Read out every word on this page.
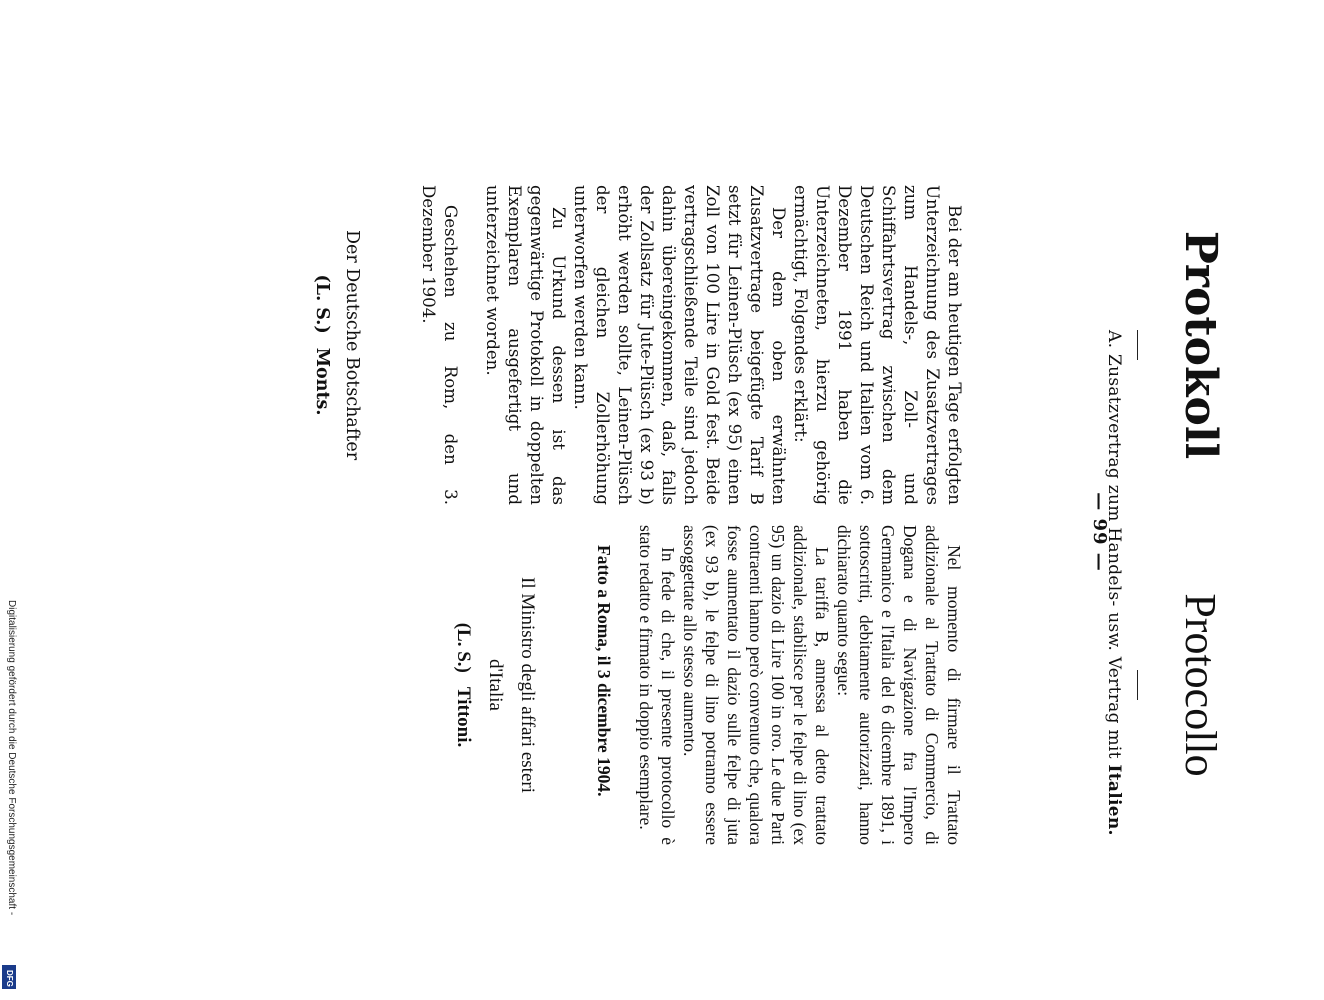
A. Zusatzvertrag zum Handels- usw. Vertrag mit Italien.
— 99 —
Protokoll

Bei der am heutigen Tage erfolgten Unterzeichnung des Zusatzvertrages zum Handels-, Zoll- und Schiffahrtsvertrag zwischen dem Deutschen Reich und Italien vom 6. Dezember 1891 haben die Unterzeichneten, hierzu gehörig ermächtigt, Folgendes erklärt:

Der dem oben erwähnten Zusatzvertrage beigefügte Tarif B setzt für Leinen-Plüsch (ex 95) einen Zoll von 100 Lire in Gold fest. Beide vertragschließende Teile sind jedoch dahin übereingekommen, daß, falls der Zollsatz für Jute-Plüsch (ex 93 b) erhöht werden sollte, Leinen-Plüsch der gleichen Zollerhöhung unterworfen werden kann.

Zu Urkund dessen ist das gegenwärtige Protokoll in doppelten Exemplaren ausgefertigt und unterzeichnet worden.

Geschehen zu Rom, den 3. Dezember 1904.

Der Deutsche Botschafter
(L. S.)Monts.
Protocollo

Nel momento di firmare il Trattato addizionale al Trattato di Commercio, di Dogana e di Navigazione fra l'Impero Germanico e l'Italia del 6 dicembre 1891, i sottoscritti, debitamente autorizzati, hanno dichiarato quanto segue:

La tariffa B, annessa al detto trattato addizionale, stabilisce per le felpe di lino (ex 95) un dazio di Lire 100 in oro. Le due Parti contraenti hanno però convenuto che, qualora fosse aumentato il dazio sulle felpe di juta (ex 93 b), le felpe di lino potranno essere assoggettate allo stesso aumento.

In fede di che, il presente protocollo è stato redatto e firmato in doppio esemplare.

Fatto a Roma, il 3 dicembre 1904.

Il Ministro degli affari esteri
d'Italia
(L. S.)Tittoni.
Digitalisierung gefördert durch die Deutsche Forschungsgemeinschaft -
DFG
